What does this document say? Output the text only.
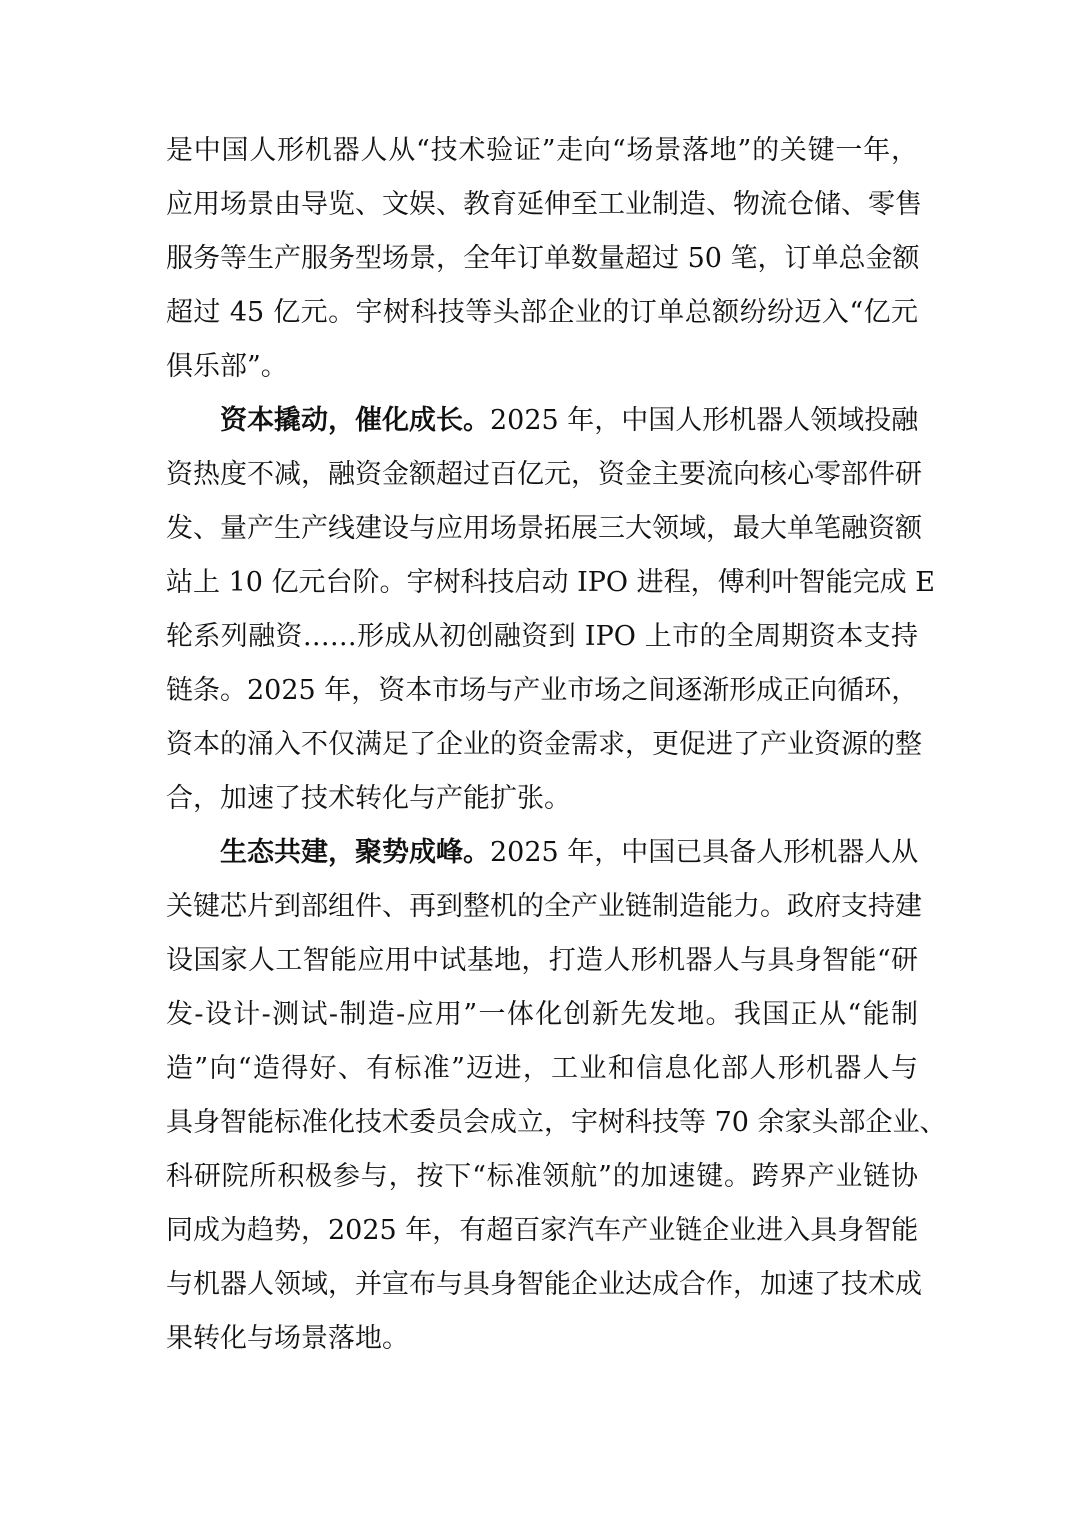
是中国人形机器人从“技术验证”走向“场景落地”的关键一年，
应用场景由导览、文娱、教育延伸至工业制造、物流仓储、零售
服务等生产服务型场景，全年订单数量超过 50 笔，订单总金额
超过 45 亿元。宇树科技等头部企业的订单总额纷纷迈入“亿元
俱乐部”。
资本撬动，催化成长。2025 年，中国人形机器人领域投融
资热度不减，融资金额超过百亿元，资金主要流向核心零部件研
发、量产生产线建设与应用场景拓展三大领域，最大单笔融资额
站上 10 亿元台阶。宇树科技启动 IPO 进程，傅利叶智能完成 E
轮系列融资……形成从初创融资到 IPO 上市的全周期资本支持
链条。2025 年，资本市场与产业市场之间逐渐形成正向循环，
资本的涌入不仅满足了企业的资金需求，更促进了产业资源的整
合，加速了技术转化与产能扩张。
生态共建，聚势成峰。2025 年，中国已具备人形机器人从
关键芯片到部组件、再到整机的全产业链制造能力。政府支持建
设国家人工智能应用中试基地，打造人形机器人与具身智能“研
发-设计-测试-制造-应用”一体化创新先发地。我国正从“能制
造”向“造得好、有标准”迈进，工业和信息化部人形机器人与
具身智能标准化技术委员会成立，宇树科技等 70 余家头部企业、
科研院所积极参与，按下“标准领航”的加速键。跨界产业链协
同成为趋势，2025 年，有超百家汽车产业链企业进入具身智能
与机器人领域，并宣布与具身智能企业达成合作，加速了技术成
果转化与场景落地。
